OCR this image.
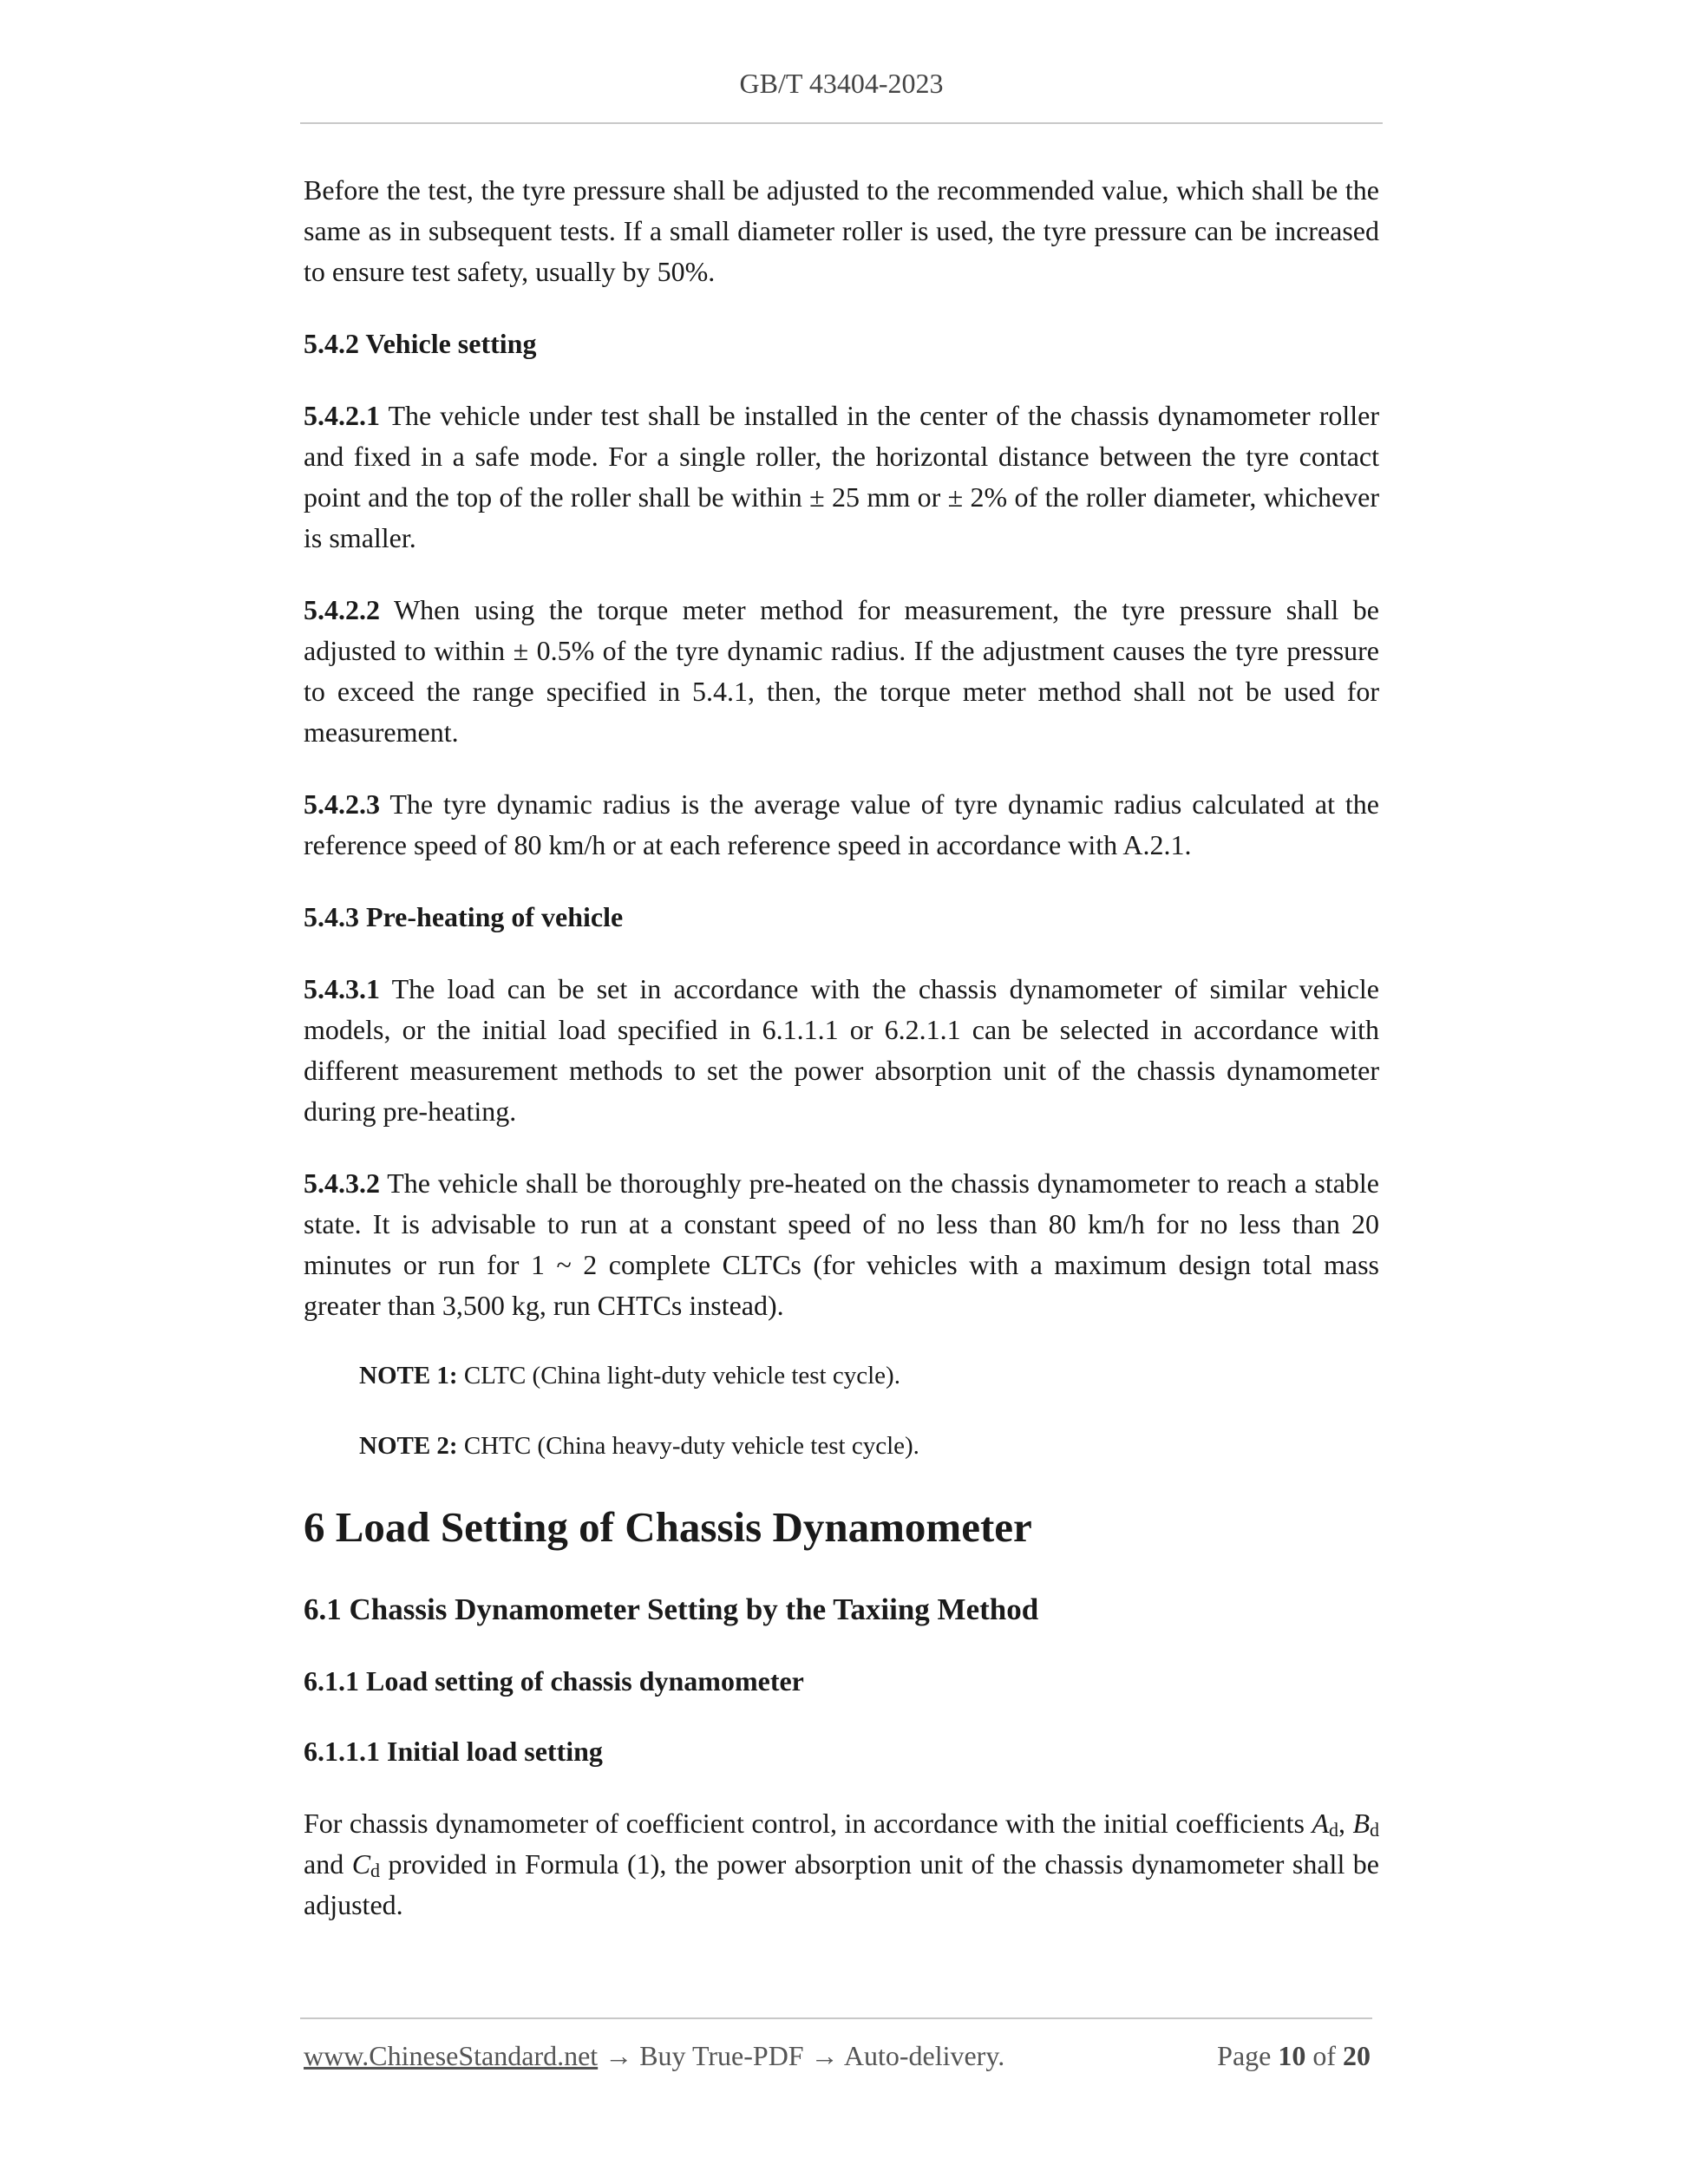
GB/T 43404-2023

Before the test, the tyre pressure shall be adjusted to the recommended value, which shall be the same as in subsequent tests. If a small diameter roller is used, the tyre pressure can be increased to ensure test safety, usually by 50%.

5.4.2 Vehicle setting

5.4.2.1 The vehicle under test shall be installed in the center of the chassis dynamometer roller and fixed in a safe mode. For a single roller, the horizontal distance between the tyre contact point and the top of the roller shall be within ± 25 mm or ± 2% of the roller diameter, whichever is smaller.

5.4.2.2 When using the torque meter method for measurement, the tyre pressure shall be adjusted to within ± 0.5% of the tyre dynamic radius. If the adjustment causes the tyre pressure to exceed the range specified in 5.4.1, then, the torque meter method shall not be used for measurement.

5.4.2.3 The tyre dynamic radius is the average value of tyre dynamic radius calculated at the reference speed of 80 km/h or at each reference speed in accordance with A.2.1.

5.4.3 Pre-heating of vehicle

5.4.3.1 The load can be set in accordance with the chassis dynamometer of similar vehicle models, or the initial load specified in 6.1.1.1 or 6.2.1.1 can be selected in accordance with different measurement methods to set the power absorption unit of the chassis dynamometer during pre-heating.

5.4.3.2 The vehicle shall be thoroughly pre-heated on the chassis dynamometer to reach a stable state. It is advisable to run at a constant speed of no less than 80 km/h for no less than 20 minutes or run for 1 ~ 2 complete CLTCs (for vehicles with a maximum design total mass greater than 3,500 kg, run CHTCs instead).

NOTE 1: CLTC (China light-duty vehicle test cycle).

NOTE 2: CHTC (China heavy-duty vehicle test cycle).

6 Load Setting of Chassis Dynamometer

6.1 Chassis Dynamometer Setting by the Taxiing Method

6.1.1 Load setting of chassis dynamometer

6.1.1.1 Initial load setting

For chassis dynamometer of coefficient control, in accordance with the initial coefficients $A_d$, $B_d$ and $C_d$ provided in Formula (1), the power absorption unit of the chassis dynamometer shall be adjusted.

www.ChineseStandard.net → Buy True-PDF → Auto-delivery.	Page 10 of 20
